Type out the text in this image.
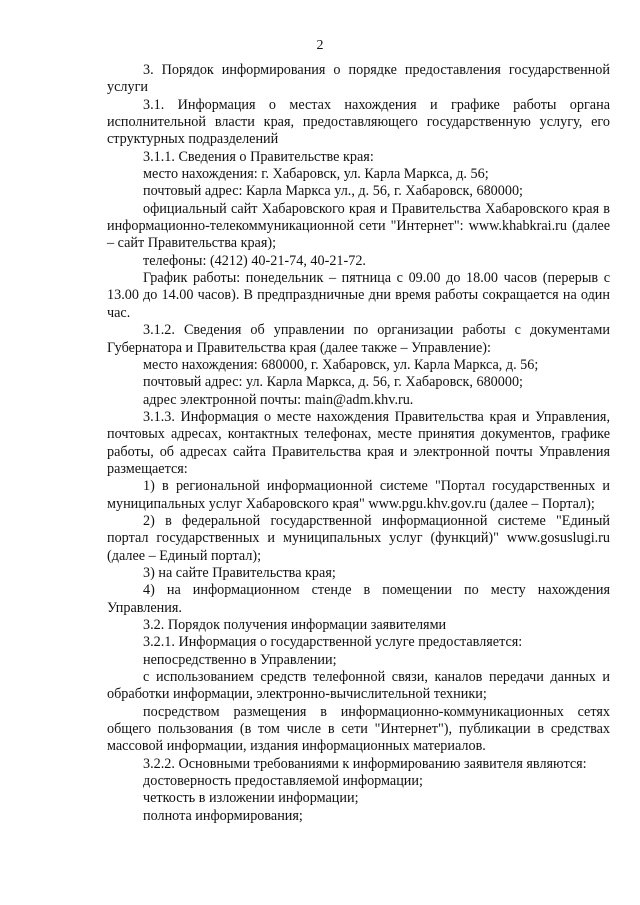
2

3. Порядок информирования о порядке предоставления государственной услуги

3.1. Информация о местах нахождения и графике работы органа исполнительной власти края, предоставляющего государственную услугу, его структурных подразделений

3.1.1. Сведения о Правительстве края:

место нахождения: г. Хабаровск, ул. Карла Маркса, д. 56;

почтовый адрес: Карла Маркса ул., д. 56, г. Хабаровск, 680000;

официальный сайт Хабаровского края и Правительства Хабаровского края в информационно-телекоммуникационной сети "Интернет": www.khabkrai.ru (далее – сайт Правительства края);

телефоны: (4212) 40-21-74, 40-21-72.

График работы: понедельник – пятница с 09.00 до 18.00 часов (перерыв с 13.00 до 14.00 часов). В предпраздничные дни время работы сокращается на один час.

3.1.2. Сведения об управлении по организации работы с документами Губернатора и Правительства края (далее также – Управление):

место нахождения: 680000, г. Хабаровск, ул. Карла Маркса, д. 56;

почтовый адрес: ул. Карла Маркса, д. 56, г. Хабаровск, 680000;

адрес электронной почты: main@adm.khv.ru.

3.1.3. Информация о месте нахождения Правительства края и Управления, почтовых адресах, контактных телефонах, месте принятия документов, графике работы, об адресах сайта Правительства края и электронной почты Управления размещается:

1) в региональной информационной системе "Портал государственных и муниципальных услуг Хабаровского края" www.pgu.khv.gov.ru (далее – Портал);

2) в федеральной государственной информационной системе "Единый портал государственных и муниципальных услуг (функций)" www.gosuslugi.ru (далее – Единый портал);

3) на сайте Правительства края;

4) на информационном стенде в помещении по месту нахождения Управления.

3.2. Порядок получения информации заявителями

3.2.1. Информация о государственной услуге предоставляется:

непосредственно в Управлении;

с использованием средств телефонной связи, каналов передачи данных и обработки информации, электронно-вычислительной техники;

посредством размещения в информационно-коммуникационных сетях общего пользования (в том числе в сети "Интернет"), публикации в средствах массовой информации, издания информационных материалов.

3.2.2. Основными требованиями к информированию заявителя являются:

достоверность предоставляемой информации;

четкость в изложении информации;

полнота информирования;
